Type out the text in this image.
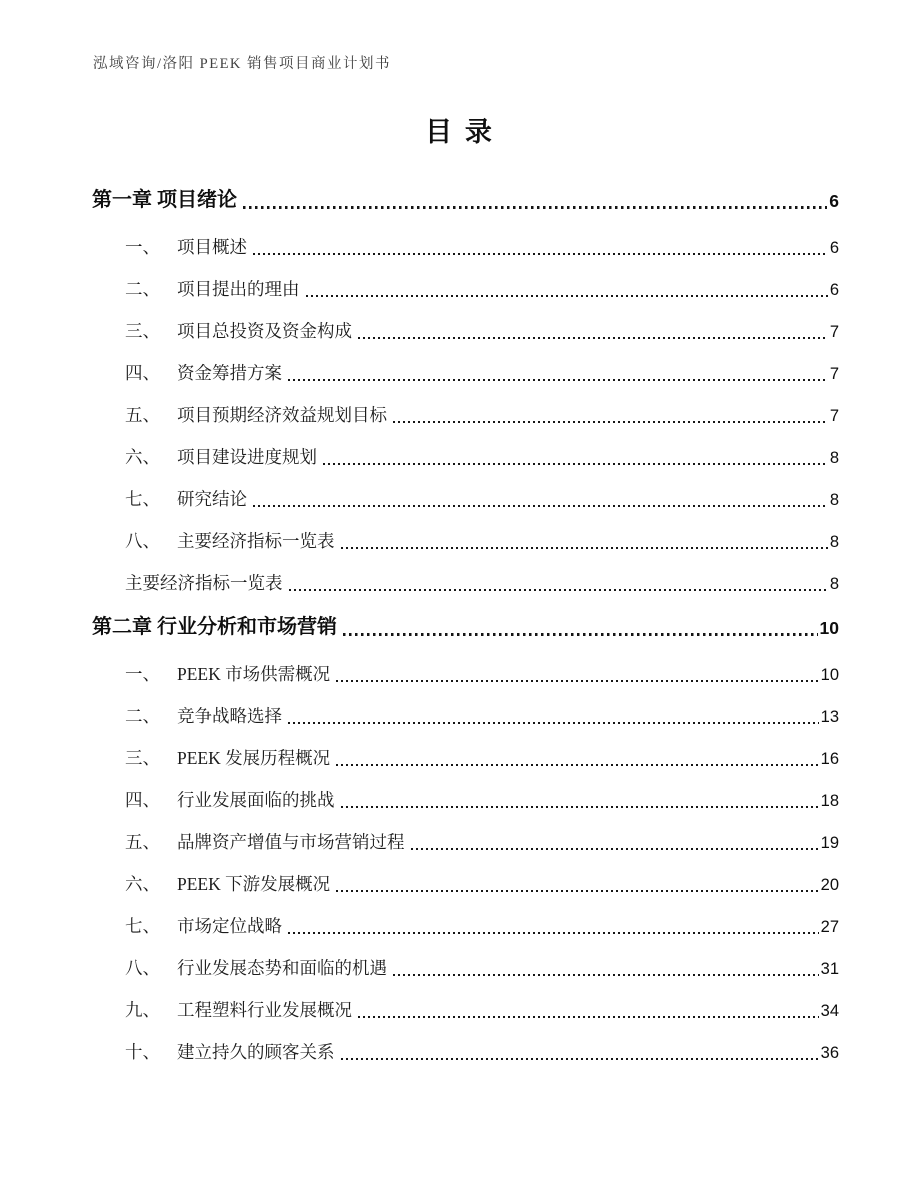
泓域咨询/洛阳 PEEK 销售项目商业计划书
目 录
第一章 项目绪论	6
一、 项目概述	6
二、 项目提出的理由	6
三、 项目总投资及资金构成	7
四、 资金筹措方案	7
五、 项目预期经济效益规划目标	7
六、 项目建设进度规划	8
七、 研究结论	8
八、 主要经济指标一览表	8
主要经济指标一览表	8
第二章 行业分析和市场营销	10
一、 PEEK 市场供需概况	10
二、 竞争战略选择	13
三、 PEEK 发展历程概况	16
四、 行业发展面临的挑战	18
五、 品牌资产增值与市场营销过程	19
六、 PEEK 下游发展概况	20
七、 市场定位战略	27
八、 行业发展态势和面临的机遇	31
九、 工程塑料行业发展概况	34
十、 建立持久的顾客关系	36
